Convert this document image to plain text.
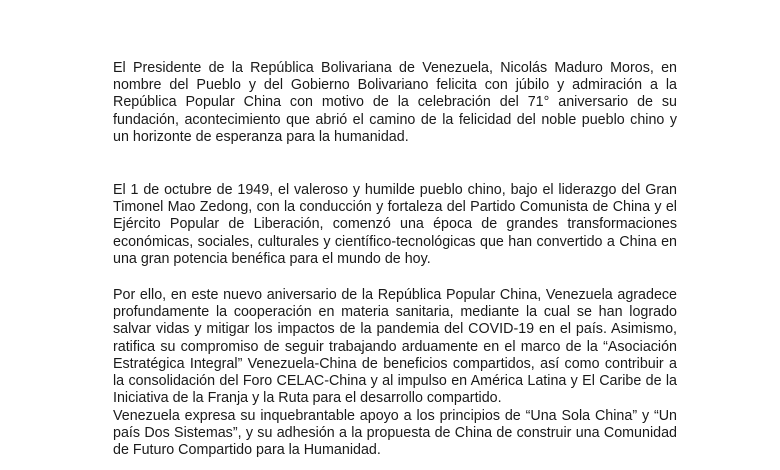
El Presidente de la República Bolivariana de Venezuela, Nicolás Maduro Moros, en nombre del Pueblo y del Gobierno Bolivariano felicita con júbilo y admiración a la República Popular China con motivo de la celebración del 71° aniversario de su fundación, acontecimiento que abrió el camino de la felicidad del noble pueblo chino y un horizonte de esperanza para la humanidad.

El 1 de octubre de 1949, el valeroso y humilde pueblo chino, bajo el liderazgo del Gran Timonel Mao Zedong, con la conducción y fortaleza del Partido Comunista de China y el Ejército Popular de Liberación, comenzó una época de grandes transformaciones económicas, sociales, culturales y científico-tecnológicas que han convertido a China en una gran potencia benéfica para el mundo de hoy.

Por ello, en este nuevo aniversario de la República Popular China, Venezuela agradece profundamente la cooperación en materia sanitaria, mediante la cual se han logrado salvar vidas y mitigar los impactos de la pandemia del COVID-19 en el país. Asimismo, ratifica su compromiso de seguir trabajando arduamente en el marco de la “Asociación Estratégica Integral” Venezuela-China de beneficios compartidos, así como contribuir a la consolidación del Foro CELAC-China y al impulso en América Latina y El Caribe de la Iniciativa de la Franja y la Ruta para el desarrollo compartido.

Venezuela expresa su inquebrantable apoyo a los principios de “Una Sola China” y “Un país Dos Sistemas”, y su adhesión a la propuesta de China de construir una Comunidad de Futuro Compartido para la Humanidad.
